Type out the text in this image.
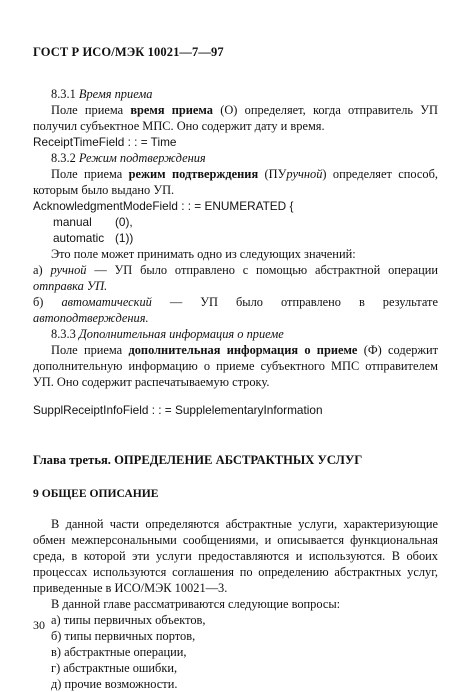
ГОСТ Р ИСО/МЭК 10021—7—97

8.3.1 Время приема

Поле приема время приема (О) определяет, когда отправитель УП получил субъектное МПС. Оно содержит дату и время.

ReceiptTimeField : : = Time

8.3.2 Режим подтверждения

Поле приема режим подтверждения (ПУручной) определяет способ, которым было выдано УП.

AcknowledgmentModeField : : = ENUMERATED {

manual	(0),
automatic (1))

Это поле может принимать одно из следующих значений:

а) ручной — УП было отправлено с помощью абстрактной операции отправка УП.

б) автоматический — УП было отправлено в результате автоподтверждения.

8.3.3 Дополнительная информация о приеме

Поле приема дополнительная информация о приеме (Ф) содержит дополнительную информацию о приеме субъектного МПС отправителем УП. Оно содержит распечатываемую строку.

SupplReceiptInfoField : : = SupplelementaryInformation

Глава третья. ОПРЕДЕЛЕНИЕ АБСТРАКТНЫХ УСЛУГ

9 ОБЩЕЕ ОПИСАНИЕ

В данной части определяются абстрактные услуги, характеризующие обмен межперсональными сообщениями, и описывается функциональная среда, в которой эти услуги предоставляются и используются. В обоих процессах используются соглашения по определению абстрактных услуг, приведенные в ИСО/МЭК 10021—3.

В данной главе рассматриваются следующие вопросы:

а) типы первичных объектов,

б) типы первичных портов,

в) абстрактные операции,

г) абстрактные ошибки,

д) прочие возможности.

30
